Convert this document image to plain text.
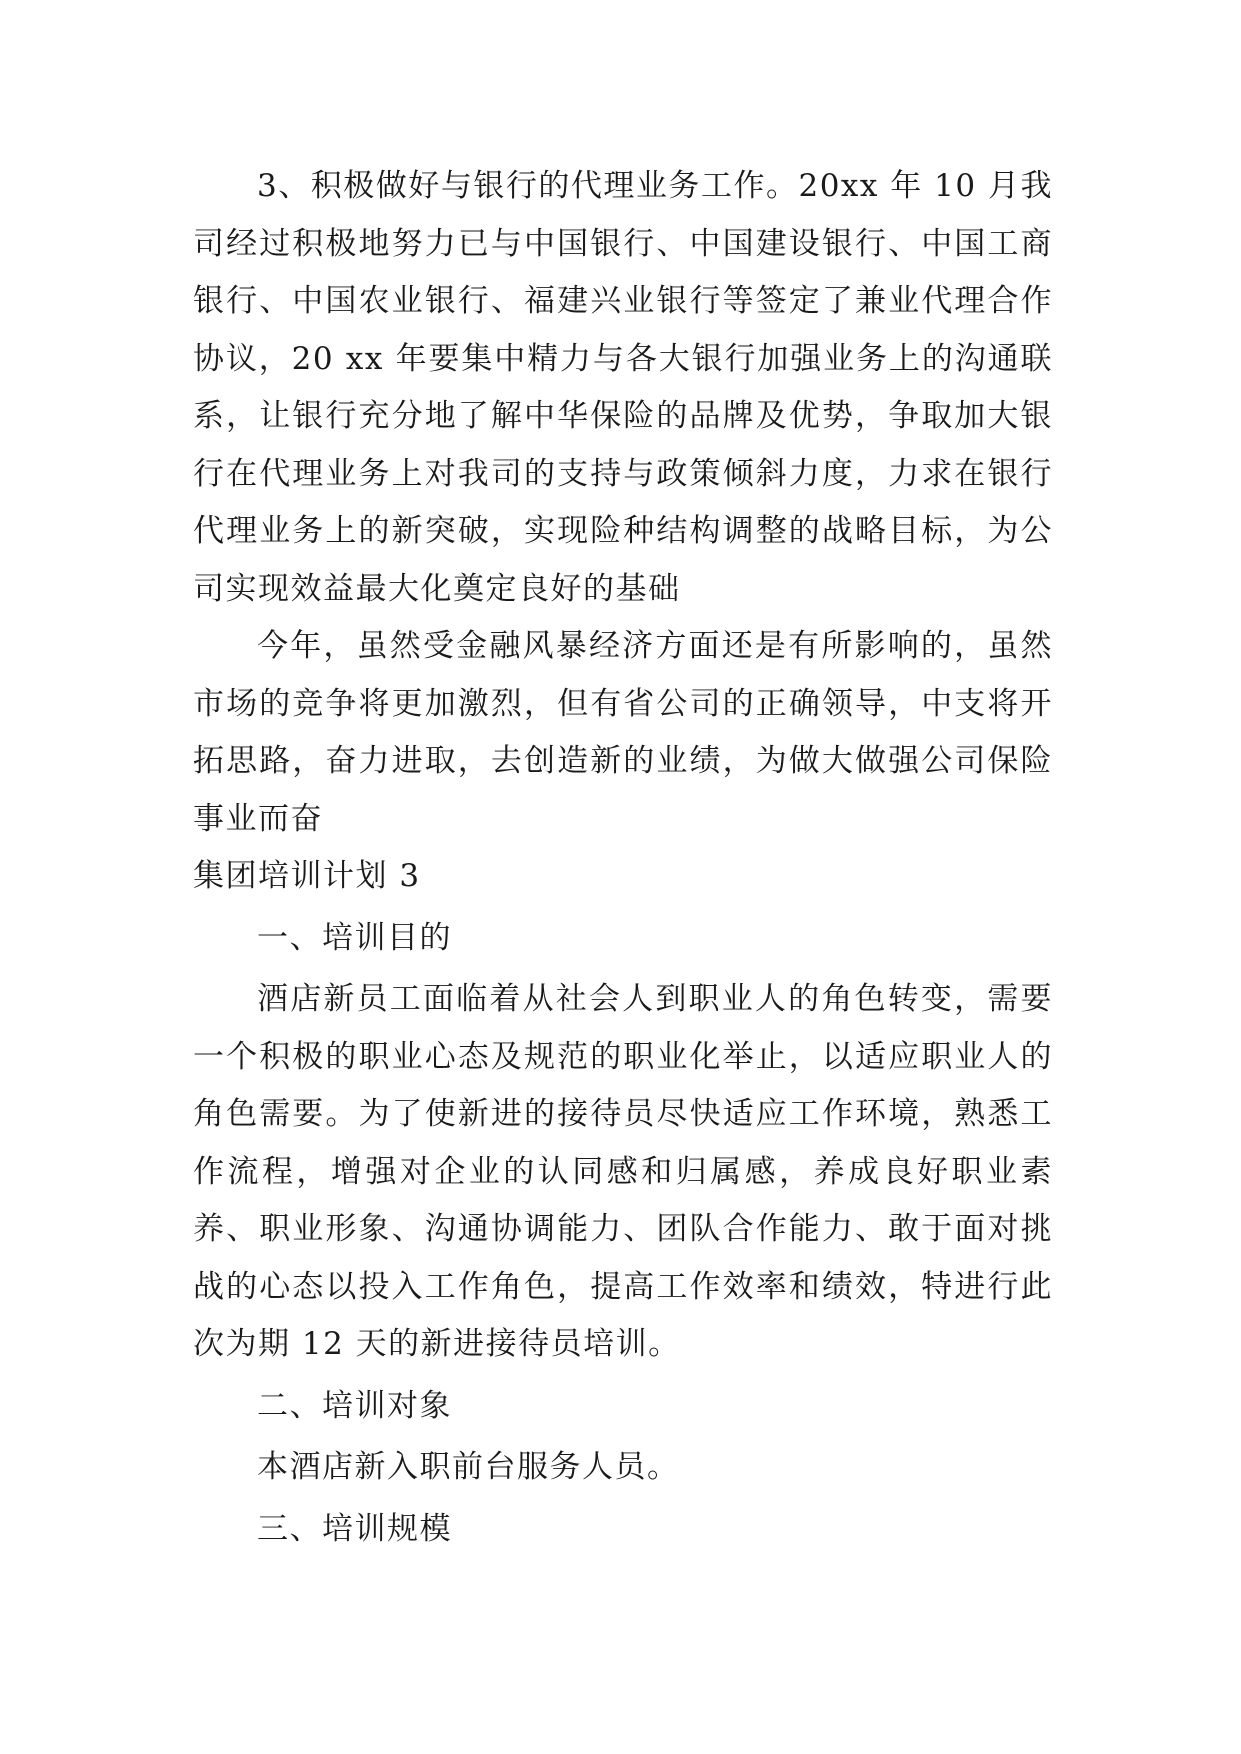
3、积极做好与银行的代理业务工作。20xx 年 10 月我司经过积极地努力已与中国银行、中国建设银行、中国工商银行、中国农业银行、福建兴业银行等签定了兼业代理合作协议，20 xx 年要集中精力与各大银行加强业务上的沟通联系，让银行充分地了解中华保险的品牌及优势，争取加大银行在代理业务上对我司的支持与政策倾斜力度，力求在银行代理业务上的新突破，实现险种结构调整的战略目标，为公司实现效益最大化奠定良好的基础

今年，虽然受金融风暴经济方面还是有所影响的，虽然市场的竞争将更加激烈，但有省公司的正确领导，中支将开拓思路，奋力进取，去创造新的业绩，为做大做强公司保险事业而奋

集团培训计划 3

一、培训目的

酒店新员工面临着从社会人到职业人的角色转变，需要一个积极的职业心态及规范的职业化举止，以适应职业人的角色需要。为了使新进的接待员尽快适应工作环境，熟悉工作流程，增强对企业的认同感和归属感，养成良好职业素养、职业形象、沟通协调能力、团队合作能力、敢于面对挑战的心态以投入工作角色，提高工作效率和绩效，特进行此次为期 12 天的新进接待员培训。

二、培训对象

本酒店新入职前台服务人员。

三、培训规模
